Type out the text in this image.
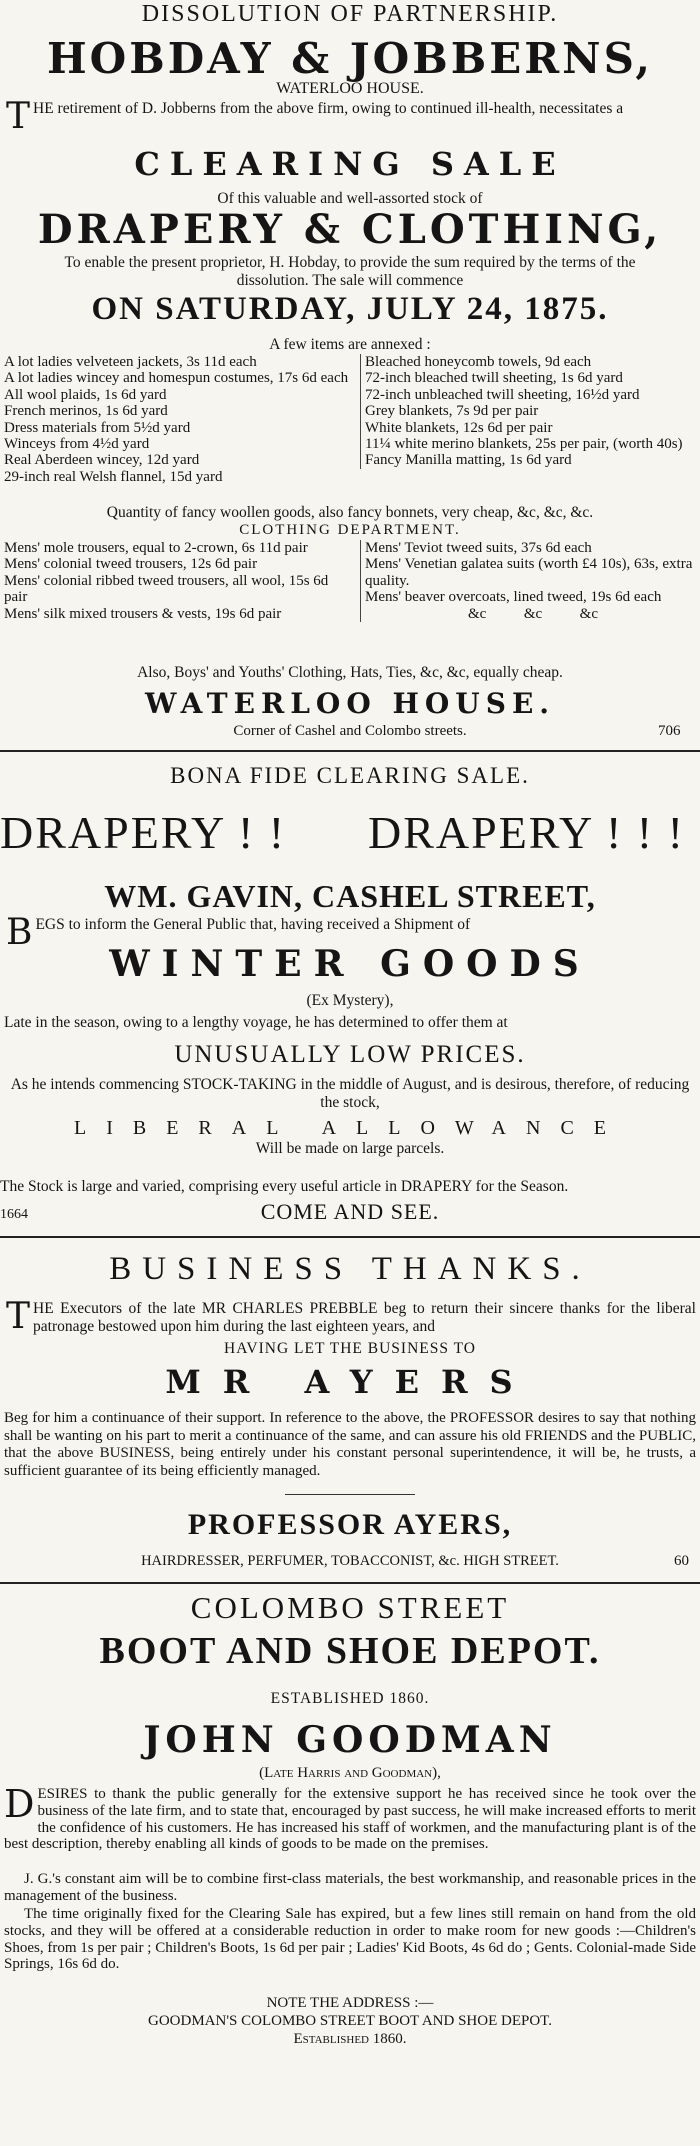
DISSOLUTION OF PARTNERSHIP.
HOBDAY & JOBBERNS,
WATERLOO HOUSE.
T HE retirement of D. Jobberns from the above firm, owing to continued ill-health, necessitates a
CLEARING SALE
Of this valuable and well-assorted stock of
DRAPERY & CLOTHING,
To enable the present proprietor, H. Hobday, to provide the sum required by the terms of the dissolution. The sale will commence
ON SATURDAY, JULY 24, 1875.
A few items are annexed :
A lot ladies velveteen jackets, 3s 11d each
A lot ladies wincey and homespun costumes, 17s 6d each
All wool plaids, 1s 6d yard
French merinos, 1s 6d yard
Dress materials from 5½d yard
Winceys from 4½d yard
Real Aberdeen wincey, 12d yard
29-inch real Welsh flannel, 15d yard
Bleached honeycomb towels, 9d each
72-inch bleached twill sheeting, 1s 6d yard
72-inch unbleached twill sheeting, 16½d yard
Grey blankets, 7s 9d per pair
White blankets, 12s 6d per pair
11¼ white merino blankets, 25s per pair, (worth 40s)
Fancy Manilla matting, 1s 6d yard
Quantity of fancy woollen goods, also fancy bonnets, very cheap, &c, &c, &c.
CLOTHING DEPARTMENT.
Mens' mole trousers, equal to 2-crown, 6s 11d pair
Mens' colonial tweed trousers, 12s 6d pair
Mens' colonial ribbed tweed trousers, all wool, 15s 6d pair
Mens' silk mixed trousers & vests, 19s 6d pair
Mens' Teviot tweed suits, 37s 6d each
Mens' Venetian galatea suits (worth £4 10s), 63s, extra quality.
Mens' beaver overcoats, lined tweed, 19s 6d each
&c          &c          &c
Also, Boys' and Youths' Clothing, Hats, Ties, &c, &c, equally cheap.
WATERLOO HOUSE.
Corner of Cashel and Colombo streets.	706
BONA FIDE CLEARING SALE.
DRAPERY ! ! DRAPERY ! ! !
WM. GAVIN, CASHEL STREET,
B EGS to inform the General Public that, having received a Shipment of
WINTER GOODS
(Ex Mystery),
Late in the season, owing to a lengthy voyage, he has determined to offer them at
UNUSUALLY LOW PRICES.
As he intends commencing STOCK-TAKING in the middle of August, and is desirous, therefore, of reducing the stock,
LIBERAL ALLOWANCE
Will be made on large parcels.
The Stock is large and varied, comprising every useful article in DRAPERY for the Season.
1664	COME AND SEE.
BUSINESS THANKS.
T HE Executors of the late MR CHARLES PREBBLE beg to return their sincere thanks for the liberal patronage bestowed upon him during the last eighteen years, and
HAVING LET THE BUSINESS TO
MR AYERS
Beg for him a continuance of their support. In reference to the above, the PROFESSOR desires to say that nothing shall be wanting on his part to merit a continuance of the same, and can assure his old FRIENDS and the PUBLIC, that the above BUSINESS, being entirely under his constant personal superintendence, it will be, he trusts, a sufficient guarantee of its being efficiently managed.
PROFESSOR AYERS,
HAIRDRESSER, PERFUMER, TOBACCONIST, &c. HIGH STREET.	60
COLOMBO STREET
BOOT AND SHOE DEPOT.
ESTABLISHED 1860.
JOHN GOODMAN
(Late Harris and Goodman),
D ESIRES to thank the public generally for the extensive support he has received since he took over the business of the late firm, and to state that, encouraged by past success, he will make increased efforts to merit the confidence of his customers. He has increased his staff of workmen, and the manufacturing plant is of the best description, thereby enabling all kinds of goods to be made on the premises.
J. G.'s constant aim will be to combine first-class materials, the best workmanship, and reasonable prices in the management of the business.
The time originally fixed for the Clearing Sale has expired, but a few lines still remain on hand from the old stocks, and they will be offered at a considerable reduction in order to make room for new goods :—Children's Shoes, from 1s per pair ; Children's Boots, 1s 6d per pair ; Ladies' Kid Boots, 4s 6d do ; Gents. Colonial-made Side Springs, 16s 6d do.
NOTE THE ADDRESS :—
GOODMAN'S COLOMBO STREET BOOT AND SHOE DEPOT.
Established 1860.
